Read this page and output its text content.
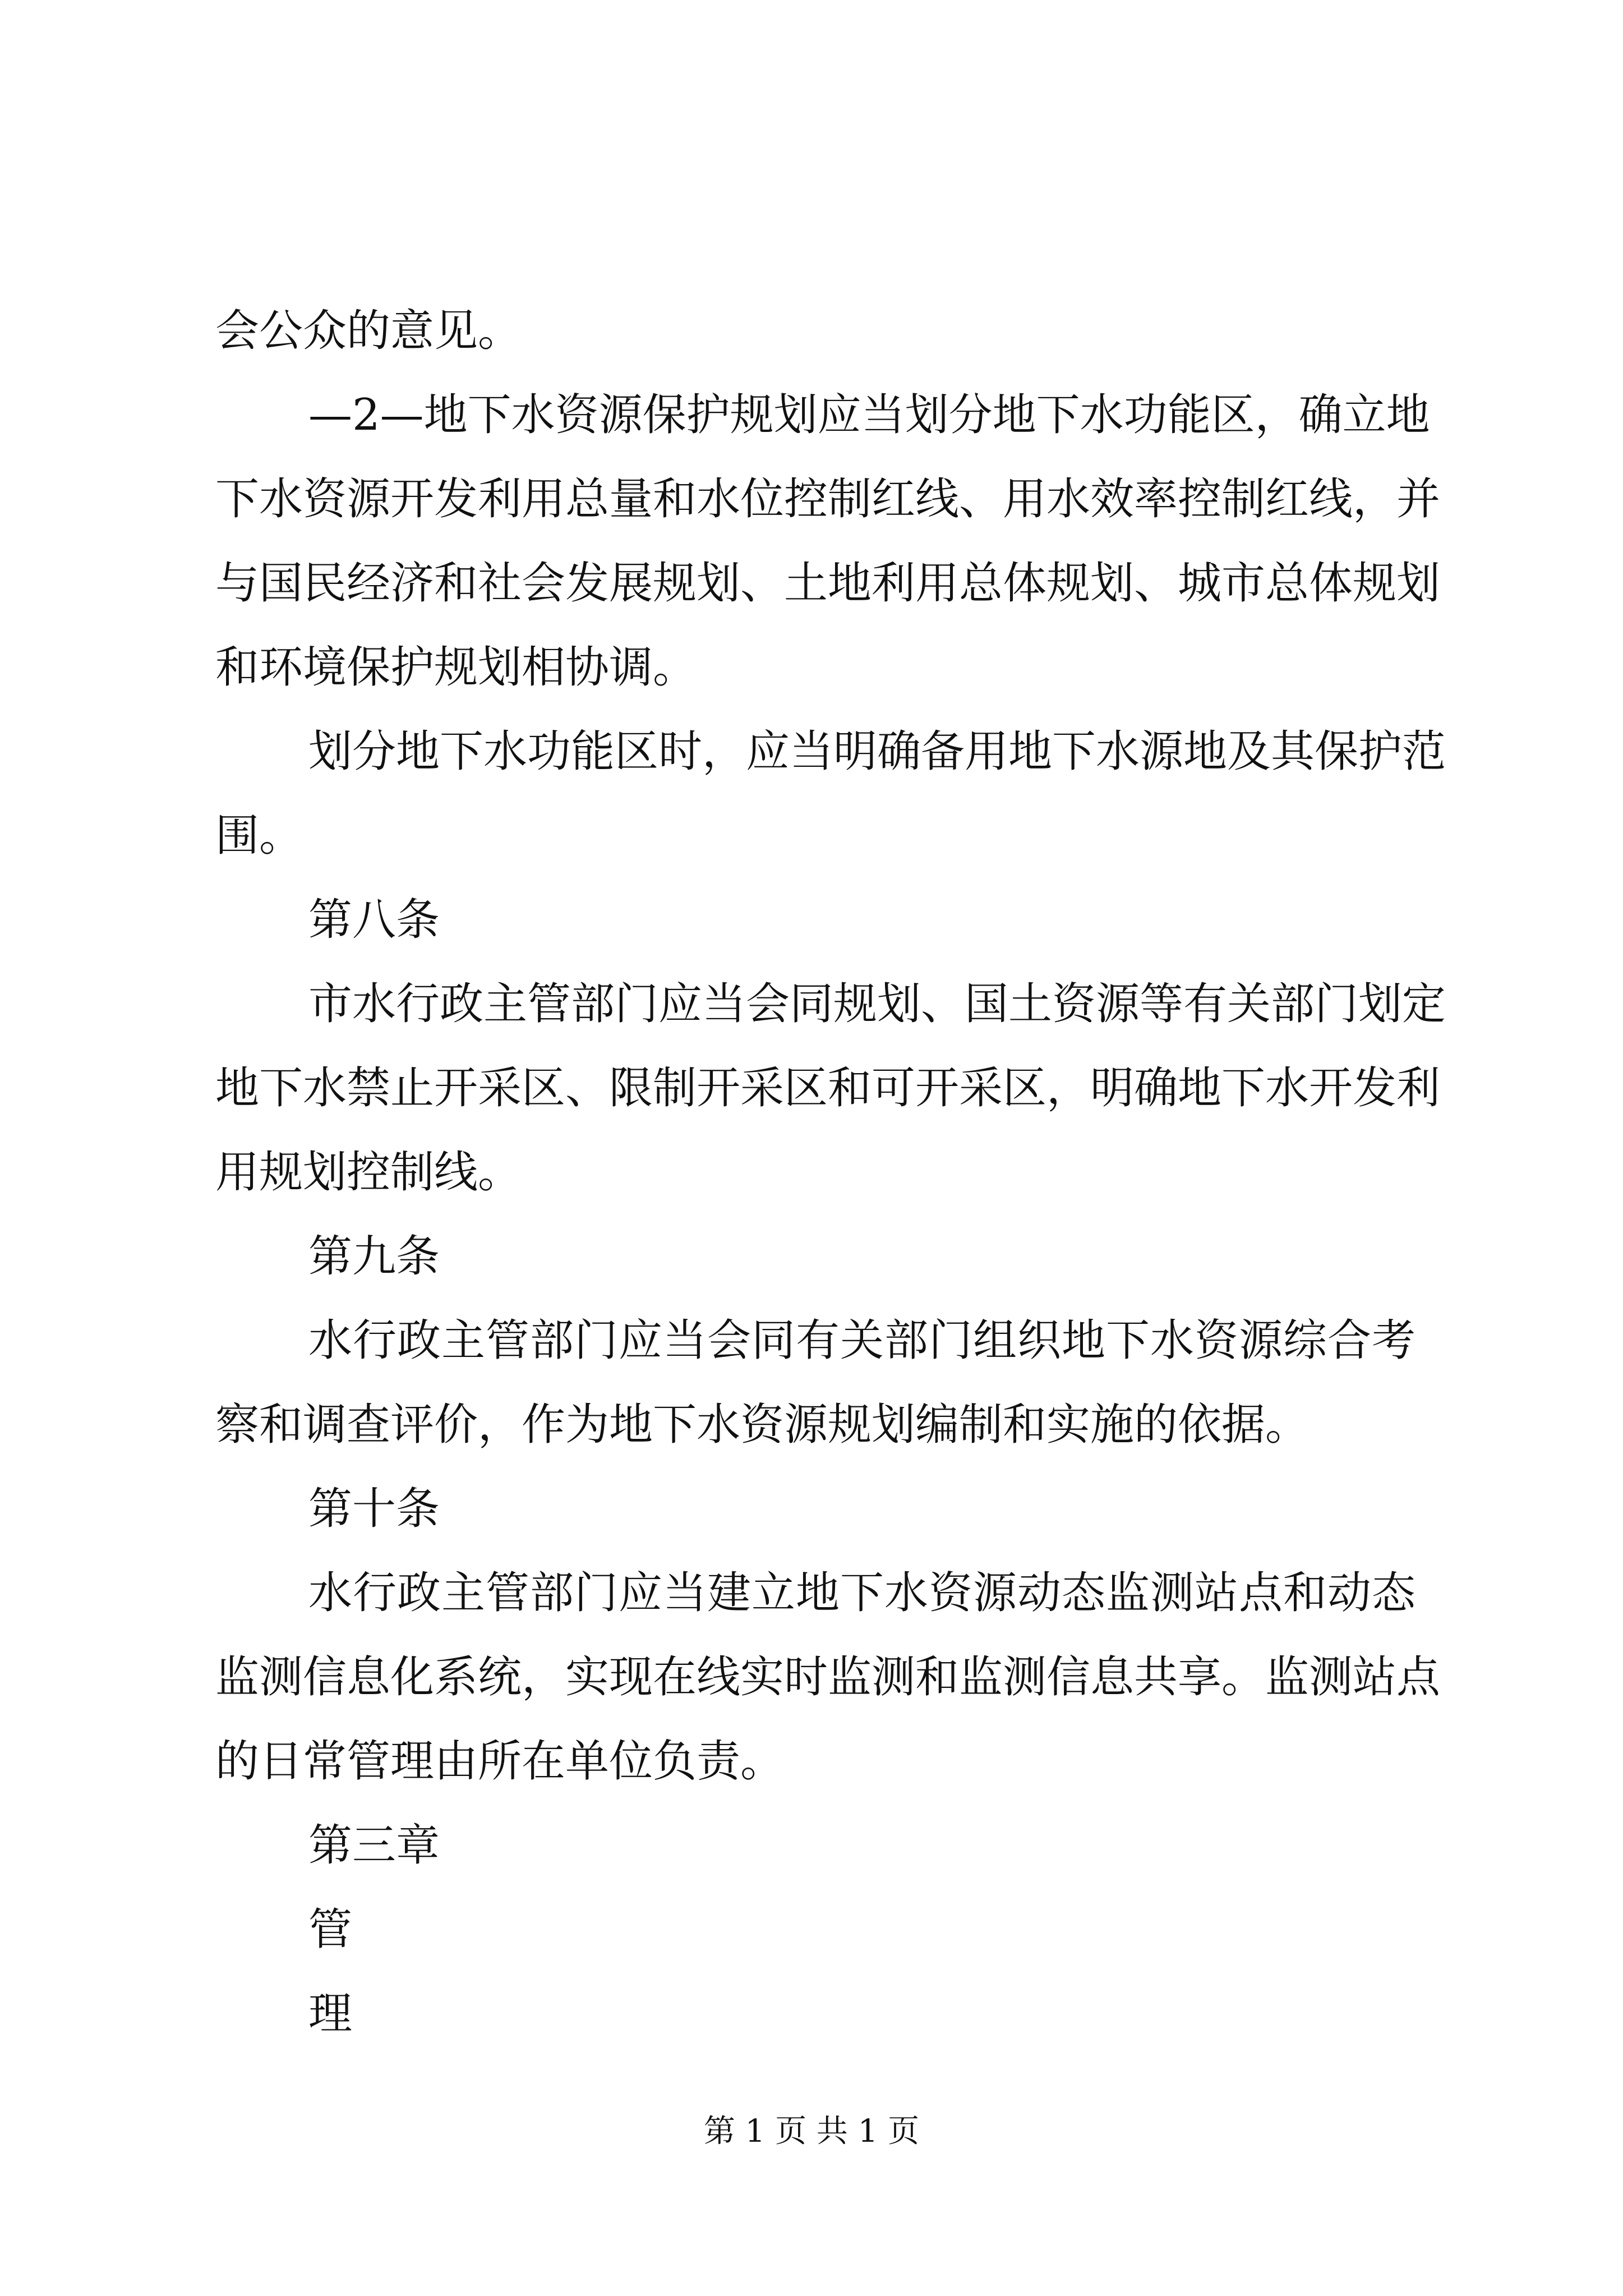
会公众的意见。
—2—地下水资源保护规划应当划分地下水功能区，确立地
下水资源开发利用总量和水位控制红线、用水效率控制红线，并
与国民经济和社会发展规划、土地利用总体规划、城市总体规划
和环境保护规划相协调。
划分地下水功能区时，应当明确备用地下水源地及其保护范
围。
第八条
市水行政主管部门应当会同规划、国土资源等有关部门划定
地下水禁止开采区、限制开采区和可开采区，明确地下水开发利
用规划控制线。
第九条
水行政主管部门应当会同有关部门组织地下水资源综合考
察和调查评价，作为地下水资源规划编制和实施的依据。
第十条
水行政主管部门应当建立地下水资源动态监测站点和动态
监测信息化系统，实现在线实时监测和监测信息共享。监测站点
的日常管理由所在单位负责。
第三章
管
理
第 1 页 共 1 页
